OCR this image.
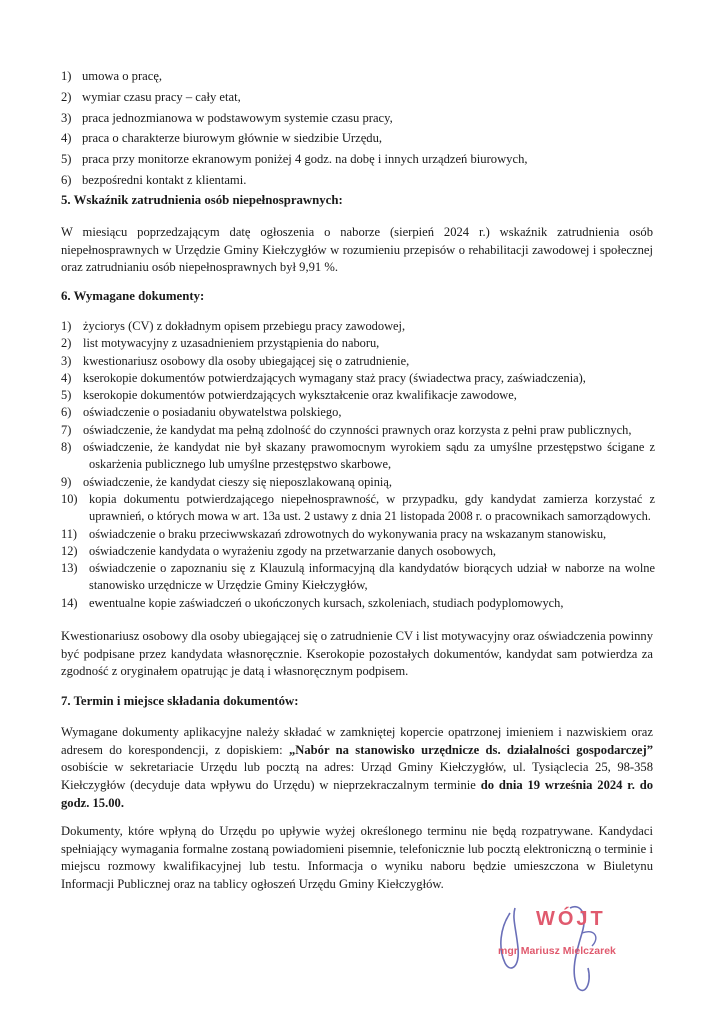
1) umowa o pracę,
2) wymiar czasu pracy – cały etat,
3) praca jednozmianowa w podstawowym systemie czasu pracy,
4) praca o charakterze biurowym głównie w siedzibie Urzędu,
5) praca przy monitorze ekranowym poniżej 4 godz. na dobę i innych urządzeń biurowych,
6) bezpośredni kontakt z klientami.
5. Wskaźnik zatrudnienia osób niepełnosprawnych:
W miesiącu poprzedzającym datę ogłoszenia o naborze (sierpień 2024 r.) wskaźnik zatrudnienia osób niepełnosprawnych w Urzędzie Gminy Kiełczygłów w rozumieniu przepisów o rehabilitacji zawodowej i społecznej oraz zatrudnianiu osób niepełnosprawnych był 9,91 %.
6. Wymagane dokumenty:
1) życiorys (CV) z dokładnym opisem przebiegu pracy zawodowej,
2) list motywacyjny z uzasadnieniem przystąpienia do naboru,
3) kwestionariusz osobowy dla osoby ubiegającej się o zatrudnienie,
4) kserokopie dokumentów potwierdzających wymagany staż pracy (świadectwa pracy, zaświadczenia),
5) kserokopie dokumentów potwierdzających wykształcenie oraz kwalifikacje zawodowe,
6) oświadczenie o posiadaniu obywatelstwa polskiego,
7) oświadczenie, że kandydat ma pełną zdolność do czynności prawnych oraz korzysta z pełni praw publicznych,
8) oświadczenie, że kandydat nie był skazany prawomocnym wyrokiem sądu za umyślne przestępstwo ścigane z oskarżenia publicznego lub umyślne przestępstwo skarbowe,
9) oświadczenie, że kandydat cieszy się nieposzlakowaną opinią,
10) kopia dokumentu potwierdzającego niepełnosprawność, w przypadku, gdy kandydat zamierza korzystać z uprawnień, o których mowa w art. 13a ust. 2 ustawy z dnia 21 listopada 2008 r. o pracownikach samorządowych.
11) oświadczenie o braku przeciwwskazań zdrowotnych do wykonywania pracy na wskazanym stanowisku,
12) oświadczenie kandydata o wyrażeniu zgody na przetwarzanie danych osobowych,
13) oświadczenie o zapoznaniu się z Klauzulą informacyjną dla kandydatów biorących udział w naborze na wolne stanowisko urzędnicze w Urzędzie Gminy Kiełczygłów,
14) ewentualne kopie zaświadczeń o ukończonych kursach, szkoleniach, studiach podyplomowych,
Kwestionariusz osobowy dla osoby ubiegającej się o zatrudnienie CV i list motywacyjny oraz oświadczenia powinny być podpisane przez kandydata własnoręcznie. Kserokopie pozostałych dokumentów, kandydat sam potwierdza za zgodność z oryginałem opatrując je datą i własnoręcznym podpisem.
7. Termin i miejsce składania dokumentów:
Wymagane dokumenty aplikacyjne należy składać w zamkniętej kopercie opatrzonej imieniem i nazwiskiem oraz adresem do korespondencji, z dopiskiem: „Nabór na stanowisko urzędnicze ds. działalności gospodarczej” osobiście w sekretariacie Urzędu lub pocztą na adres: Urząd Gminy Kiełczygłów, ul. Tysiąclecia 25, 98-358 Kiełczygłów (decyduje data wpływu do Urzędu) w nieprzekraczalnym terminie do dnia 19 września 2024 r. do godz. 15.00.
Dokumenty, które wpłyną do Urzędu po upływie wyżej określonego terminu nie będą rozpatrywane. Kandydaci spełniający wymagania formalne zostaną powiadomieni pisemnie, telefonicznie lub pocztą elektroniczną o terminie i miejscu rozmowy kwalifikacyjnej lub testu. Informacja o wyniku naboru będzie umieszczona w Biuletynu Informacji Publicznej oraz na tablicy ogłoszeń Urzędu Gminy Kiełczygłów.
WÓJT
mgr Mariusz Mielczarek
